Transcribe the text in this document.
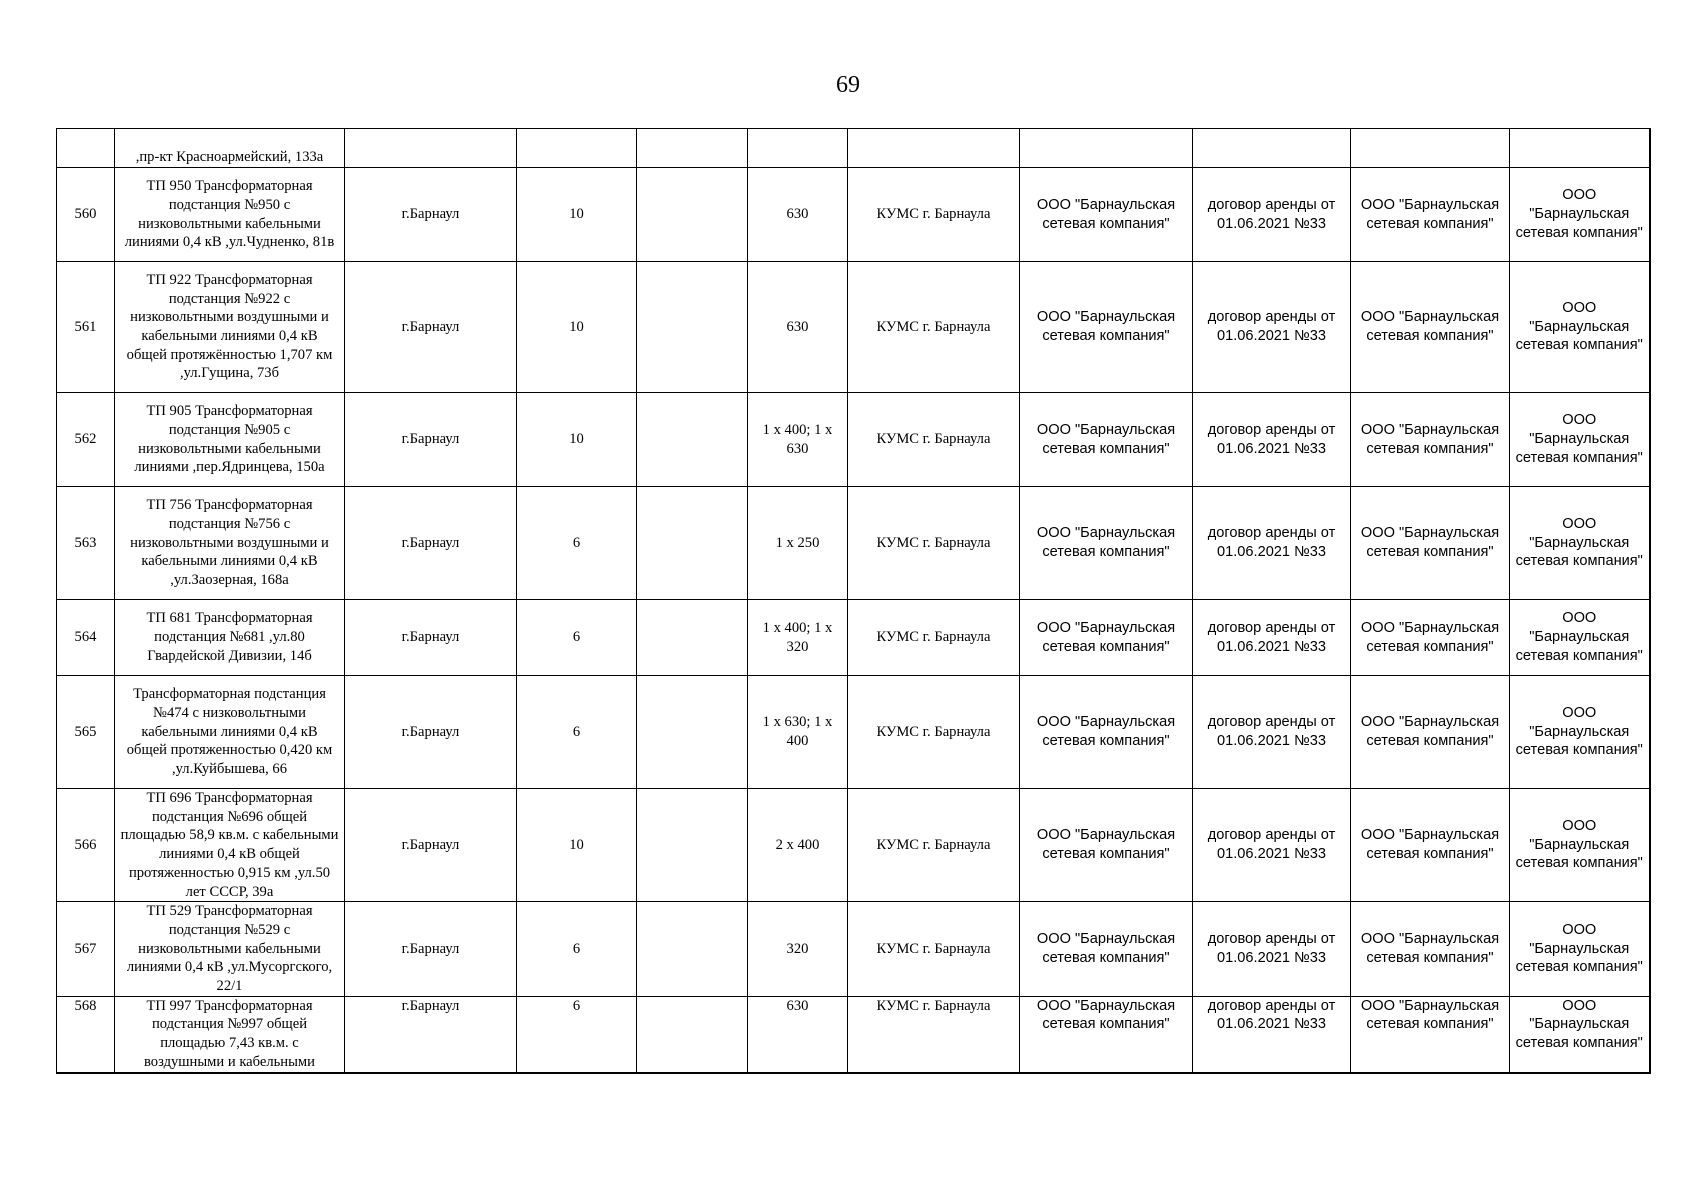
69
	,пр-кт Красноармейский, 133а									
560	ТП 950 Трансформаторная подстанция №950 с низковольтными кабельными линиями 0,4 кВ ,ул.Чудненко, 81в	г.Барнаул	10		630	КУМС г. Барнаула	ООО "Барнаульская сетевая компания"	договор аренды от 01.06.2021 №33	ООО "Барнаульская сетевая компания"	ООО "Барнаульская сетевая компания"
561	ТП 922 Трансформаторная подстанция №922 с низковольтными воздушными и кабельными линиями 0,4 кВ общей протяжённостью 1,707 км ,ул.Гущина, 73б	г.Барнаул	10		630	КУМС г. Барнаула	ООО "Барнаульская сетевая компания"	договор аренды от 01.06.2021 №33	ООО "Барнаульская сетевая компания"	ООО "Барнаульская сетевая компания"
562	ТП 905 Трансформаторная подстанция №905 с низковольтными кабельными линиями ,пер.Ядринцева, 150а	г.Барнаул	10		1 х 400; 1 х 630	КУМС г. Барнаула	ООО "Барнаульская сетевая компания"	договор аренды от 01.06.2021 №33	ООО "Барнаульская сетевая компания"	ООО "Барнаульская сетевая компания"
563	ТП 756 Трансформаторная подстанция №756 с низковольтными воздушными и кабельными линиями 0,4 кВ ,ул.Заозерная, 168а	г.Барнаул	6		1 х 250	КУМС г. Барнаула	ООО "Барнаульская сетевая компания"	договор аренды от 01.06.2021 №33	ООО "Барнаульская сетевая компания"	ООО "Барнаульская сетевая компания"
564	ТП 681 Трансформаторная подстанция №681 ,ул.80 Гвардейской Дивизии, 14б	г.Барнаул	6		1 х 400; 1 х 320	КУМС г. Барнаула	ООО "Барнаульская сетевая компания"	договор аренды от 01.06.2021 №33	ООО "Барнаульская сетевая компания"	ООО "Барнаульская сетевая компания"
565	Трансформаторная подстанция №474 с низковольтными кабельными линиями 0,4 кВ общей протяженностью 0,420 км ,ул.Куйбышева, 66	г.Барнаул	6		1 х 630; 1 х 400	КУМС г. Барнаула	ООО "Барнаульская сетевая компания"	договор аренды от 01.06.2021 №33	ООО "Барнаульская сетевая компания"	ООО "Барнаульская сетевая компания"
566	ТП 696 Трансформаторная подстанция №696 общей площадью 58,9 кв.м. с кабельными линиями 0,4 кВ общей протяженностью 0,915 км ,ул.50 лет СССР, 39а	г.Барнаул	10		2 х 400	КУМС г. Барнаула	ООО "Барнаульская сетевая компания"	договор аренды от 01.06.2021 №33	ООО "Барнаульская сетевая компания"	ООО "Барнаульская сетевая компания"
567	ТП 529 Трансформаторная подстанция №529 с низковольтными кабельными линиями 0,4 кВ ,ул.Мусоргского, 22/1	г.Барнаул	6		320	КУМС г. Барнаула	ООО "Барнаульская сетевая компания"	договор аренды от 01.06.2021 №33	ООО "Барнаульская сетевая компания"	ООО "Барнаульская сетевая компания"
568	ТП 997 Трансформаторная подстанция №997 общей площадью 7,43 кв.м. с воздушными и кабельными	г.Барнаул	6		630	КУМС г. Барнаула	ООО "Барнаульская сетевая компания"	договор аренды от 01.06.2021 №33	ООО "Барнаульская сетевая компания"	ООО "Барнаульская сетевая компания"
